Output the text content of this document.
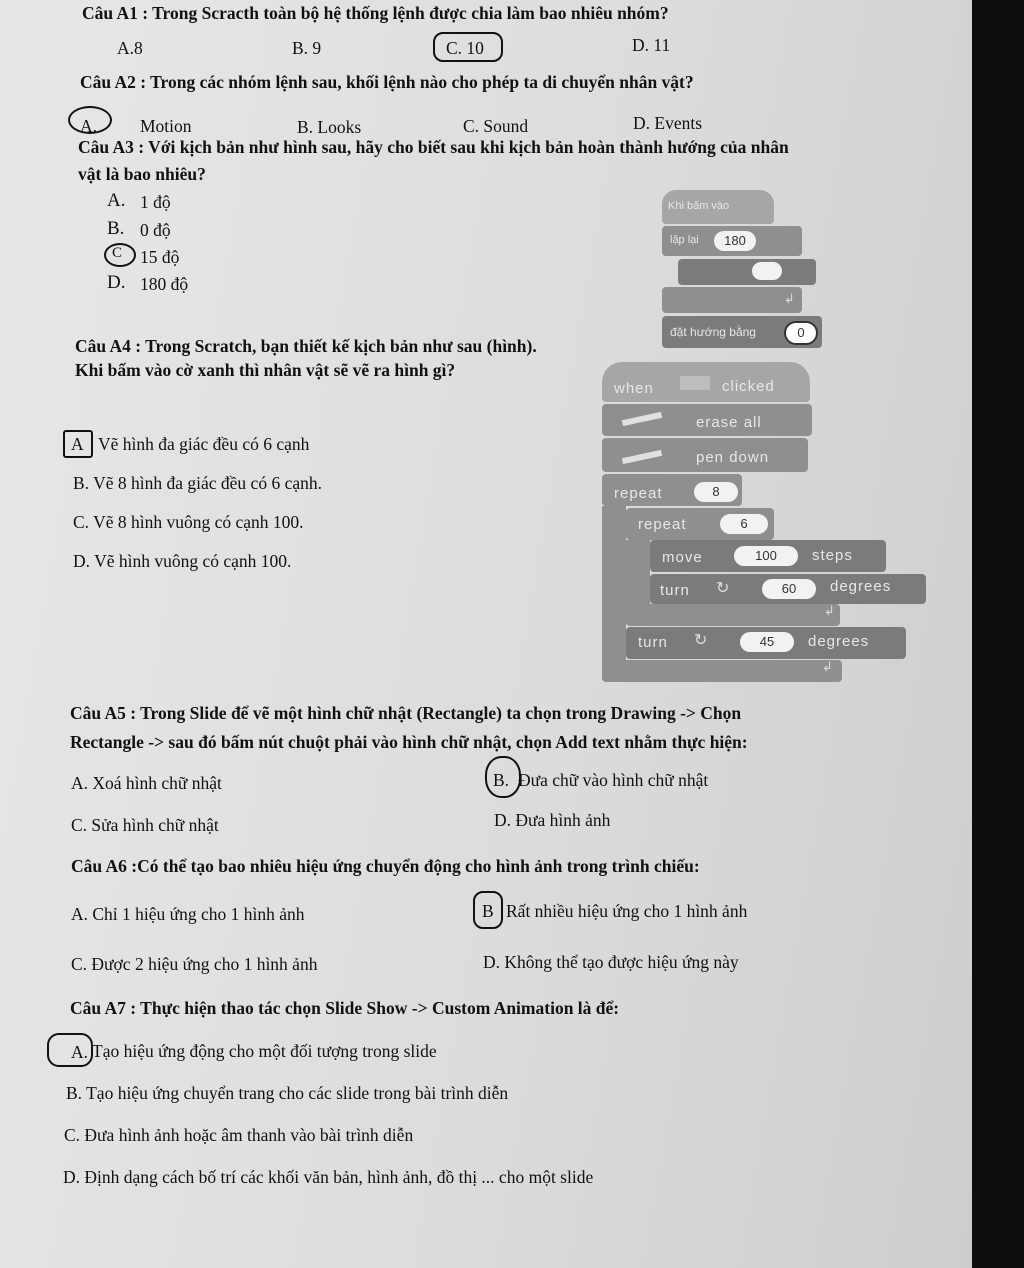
Câu A1 : Trong Scracth toàn bộ hệ thống lệnh được chia làm bao nhiêu nhóm?
A.8	B. 9	C. 10	D. 11
Câu A2 : Trong các nhóm lệnh sau, khối lệnh nào cho phép ta di chuyển nhân vật?
A. Motion	B. Looks	C. Sound	D. Events
Câu A3 : Với kịch bản như hình sau, hãy cho biết sau khi kịch bản hoàn thành hướng của nhân
vật là bao nhiêu?
A. 1 độ
B. 0 độ
C 15 độ
D. 180 độ
Khi bấm vào
lặp lại	180
↲
đặt hướng bằng	0
Câu A4 : Trong Scratch, bạn thiết kế kịch bản như sau (hình).
Khi bấm vào cờ xanh thì nhân vật sẽ vẽ ra hình gì?
A Vẽ hình đa giác đều có 6 cạnh
B. Vẽ 8 hình đa giác đều có 6 cạnh.
C. Vẽ 8 hình vuông có cạnh 100.
D. Vẽ hình vuông có cạnh 100.
when	clicked
erase all
pen down
repeat	8
repeat	6
move	100	steps
turn ↻	60	degrees
↲
turn ↻	45	degrees
↲
Câu A5 : Trong Slide để vẽ một hình chữ nhật (Rectangle) ta chọn trong Drawing -> Chọn
Rectangle -> sau đó bấm nút chuột phải vào hình chữ nhật, chọn Add text nhằm thực hiện:
A. Xoá hình chữ nhật	B. Đưa chữ vào hình chữ nhật
C. Sửa hình chữ nhật	D. Đưa hình ảnh
Câu A6 :Có thể tạo bao nhiêu hiệu ứng chuyển động cho hình ảnh trong trình chiếu:
A. Chỉ 1 hiệu ứng cho 1 hình ảnh	B Rất nhiều hiệu ứng cho 1 hình ảnh
C. Được 2 hiệu ứng cho 1 hình ảnh	D. Không thể tạo được hiệu ứng này
Câu A7 : Thực hiện thao tác chọn Slide Show -> Custom Animation là để:
A. Tạo hiệu ứng động cho một đối tượng trong slide
B. Tạo hiệu ứng chuyển trang cho các slide trong bài trình diễn
C. Đưa hình ảnh hoặc âm thanh vào bài trình diễn
D. Định dạng cách bố trí các khối văn bản, hình ảnh, đồ thị ... cho một slide
